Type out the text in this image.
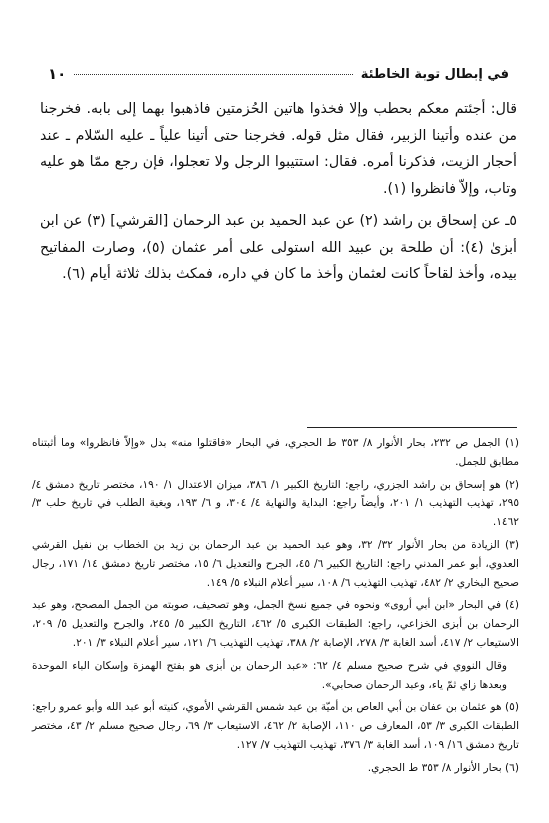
في إبطال توبة الخاطئة
١٠

قال: أجئتم معكم بحطب وإلا فخذوا هاتين الحُزمتين فاذهبوا بهما إلى بابه. فخرجنا من عنده وأتينا الزبير، فقال مثل قوله. فخرجنا حتى أتينا علياً ـ عليه السّلام ـ عند أحجار الزيت، فذكرنا أمره. فقال: استتيبوا الرجل ولا تعجلوا، فإن رجع ممّا هو عليه وتاب، وإلاّ فانظروا (١).

٥ـ عن إسحاق بن راشد (٢) عن عبد الحميد بن عبد الرحمان [القرشي] (٣) عن ابن أبزىٰ (٤): أن طلحة بن عبيد الله استولى على أمر عثمان (٥)، وصارت المفاتيح بيده، وأخذ لقاحاً كانت لعثمان وأخذ ما كان في داره، فمكث بذلك ثلاثة أيام (٦).

(١) الجمل ص ٢٣٢، بحار الأنوار ٨/ ٣٥٣ ط الحجري، في البحار «فاقتلوا منه» بدل «وإلاّ فانظروا» وما أثبتناه مطابق للجمل.

(٢) هو إسحاق بن راشد الجزري، راجع: التاريخ الكبير ١/ ٣٨٦، ميزان الاعتدال ١/ ١٩٠، مختصر تاريخ دمشق ٤/ ٢٩٥، تهذيب التهذيب ١/ ٢٠١، وأيضاً راجع: البداية والنهاية ٤/ ٣٠٤، و ٦/ ١٩٣، وبغية الطلب في تاريخ حلب ٣/ ١٤٦٢.

(٣) الزيادة من بحار الأنوار ٣٢/ ٣٢، وهو عبد الحميد بن عبد الرحمان بن زيد بن الخطاب بن نفيل القرشي العدوي، أبو عمر المدني راجع: التاريخ الكبير ٦/ ٤٥، الجرح والتعديل ٦/ ١٥، مختصر تاريخ دمشق ١٤/ ١٧١، رجال صحيح البخاري ٢/ ٤٨٢، تهذيب التهذيب ٦/ ١٠٨، سير أعلام النبلاء ٥/ ١٤٩.

(٤) في البحار «ابن أبي أروى» ونحوه في جميع نسخ الجمل، وهو تصحيف، صوبته من الجمل المصحح، وهو عبد الرحمان بن أبزى الخزاعي، راجع: الطبقات الكبرى ٥/ ٤٦٢، التاريخ الكبير ٥/ ٢٤٥، والجرح والتعديل ٥/ ٢٠٩، الاستيعاب ٢/ ٤١٧، أسد الغابة ٣/ ٢٧٨، الإصابة ٢/ ٣٨٨، تهذيب التهذيب ٦/ ١٢١، سير أعلام النبلاء ٣/ ٢٠١.

وقال النووي في شرح صحيح مسلم ٤/ ٦٢: «عبد الرحمان بن أبزى هو بفتح الهمزة وإسكان الباء الموحدة وبعدها زاي ثمّ ياء، وعبد الرحمان صحابي».

(٥) هو عثمان بن عفان بن أبي العاص بن أميّة بن عبد شمس القرشي الأموي، كنيته أبو عبد الله وأبو عمرو راجع: الطبقات الكبرى ٣/ ٥٣، المعارف ص ١١٠، الإصابة ٢/ ٤٦٢، الاستيعاب ٣/ ٦٩، رجال صحيح مسلم ٢/ ٤٣، مختصر تاريخ دمشق ١٦/ ١٠٩، أسد الغابة ٣/ ٣٧٦، تهذيب التهذيب ٧/ ١٢٧.

(٦) بحار الأنوار ٨/ ٣٥٣ ط الحجري.
